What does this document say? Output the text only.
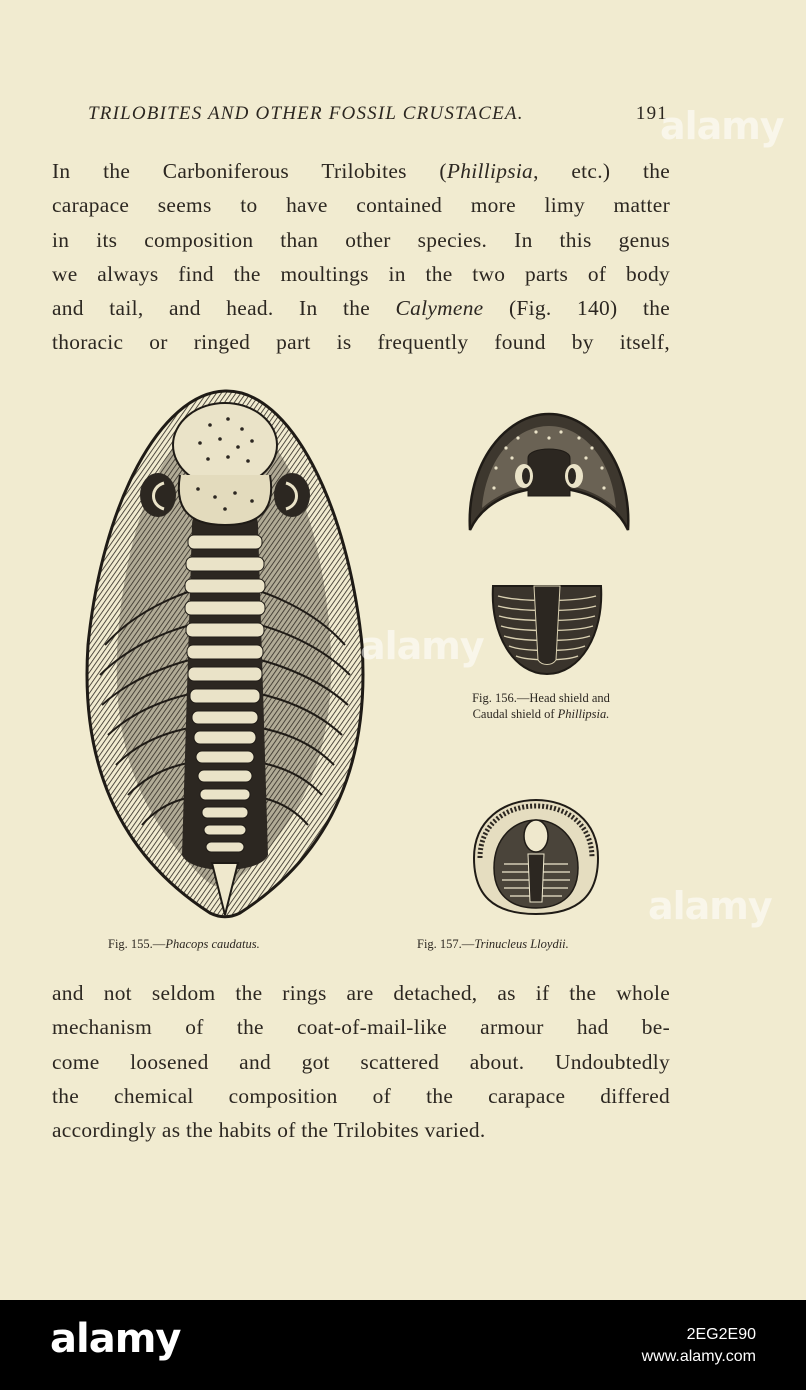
TRILOBITES AND OTHER FOSSIL CRUSTACEA.	191

In the Carboniferous Trilobites (Phillipsia, etc.) the
carapace seems to have contained more limy matter
in its composition than other species. In this genus
we always find the moultings in the two parts of body
and tail, and head. In the Calymene (Fig. 140) the
thoracic or ringed part is frequently found by itself,

Fig. 156.—Head shield and
Caudal shield of Phillipsia.
Fig. 155.—Phacops caudatus.	Fig. 157.—Trinucleus Lloydii.

and not seldom the rings are detached, as if the whole
mechanism of the coat-of-mail-like armour had be-
come loosened and got scattered about. Undoubtedly
the chemical composition of the carapace differed
accordingly as the habits of the Trilobites varied.

alamy
alamy
alamy
alamy	2EG2E90
www.alamy.com
